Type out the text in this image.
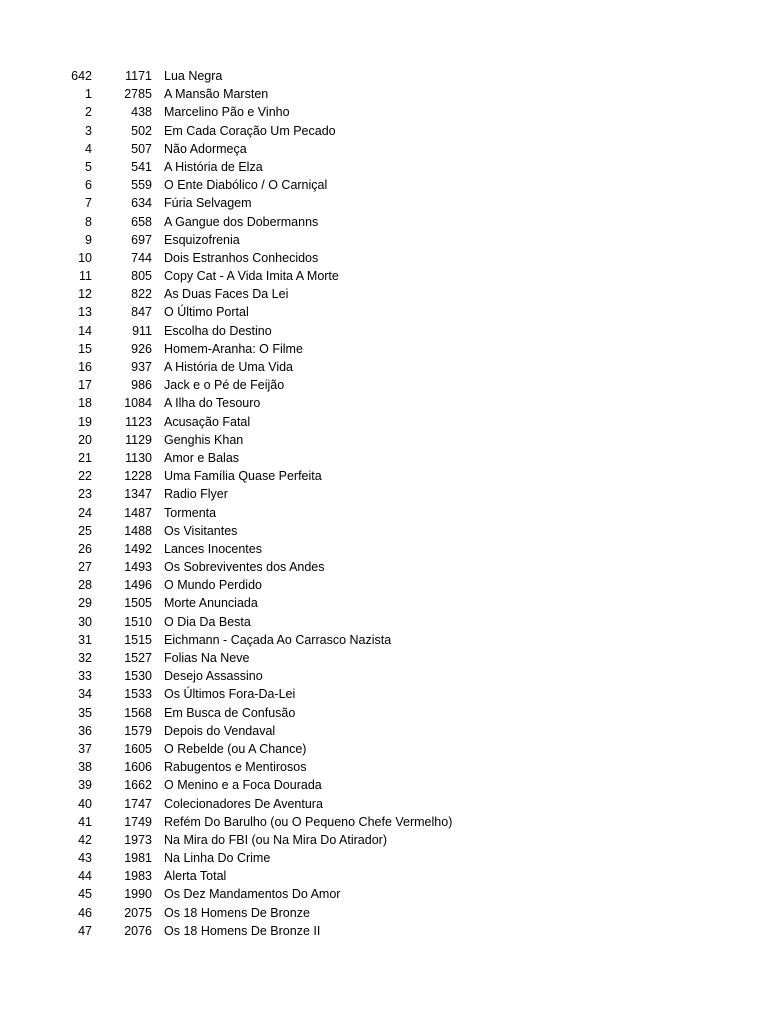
642	1171 Lua Negra
1	2785 A Mansão Marsten
2	438 Marcelino Pão e Vinho
3	502 Em Cada Coração Um Pecado
4	507 Não Adormeça
5	541 A História de Elza
6	559 O Ente Diabólico / O Carniçal
7	634 Fúria Selvagem
8	658 A Gangue dos Dobermanns
9	697 Esquizofrenia
10	744 Dois Estranhos Conhecidos
11	805 Copy Cat - A Vida Imita A Morte
12	822 As Duas Faces Da Lei
13	847 O Último Portal
14	911 Escolha do Destino
15	926 Homem-Aranha: O Filme
16	937 A História de Uma Vida
17	986 Jack e o Pé de Feijão
18	1084 A Ilha do Tesouro
19	1123 Acusação Fatal
20	1129 Genghis Khan
21	1130 Amor e Balas
22	1228 Uma Família Quase Perfeita
23	1347 Radio Flyer
24	1487 Tormenta
25	1488 Os Visitantes
26	1492 Lances Inocentes
27	1493 Os Sobreviventes dos Andes
28	1496 O Mundo Perdido
29	1505 Morte Anunciada
30	1510 O Dia Da Besta
31	1515 Eichmann - Caçada Ao Carrasco Nazista
32	1527 Folias Na Neve
33	1530 Desejo Assassino
34	1533 Os Últimos Fora-Da-Lei
35	1568 Em Busca de Confusão
36	1579 Depois do Vendaval
37	1605 O Rebelde (ou A Chance)
38	1606 Rabugentos e Mentirosos
39	1662 O Menino e a Foca Dourada
40	1747 Colecionadores De Aventura
41	1749 Refém Do Barulho (ou O Pequeno Chefe Vermelho)
42	1973 Na Mira do FBI (ou Na Mira Do Atirador)
43	1981 Na Linha Do Crime
44	1983 Alerta Total
45	1990 Os Dez Mandamentos Do Amor
46	2075 Os 18 Homens De Bronze
47	2076 Os 18 Homens De Bronze II
